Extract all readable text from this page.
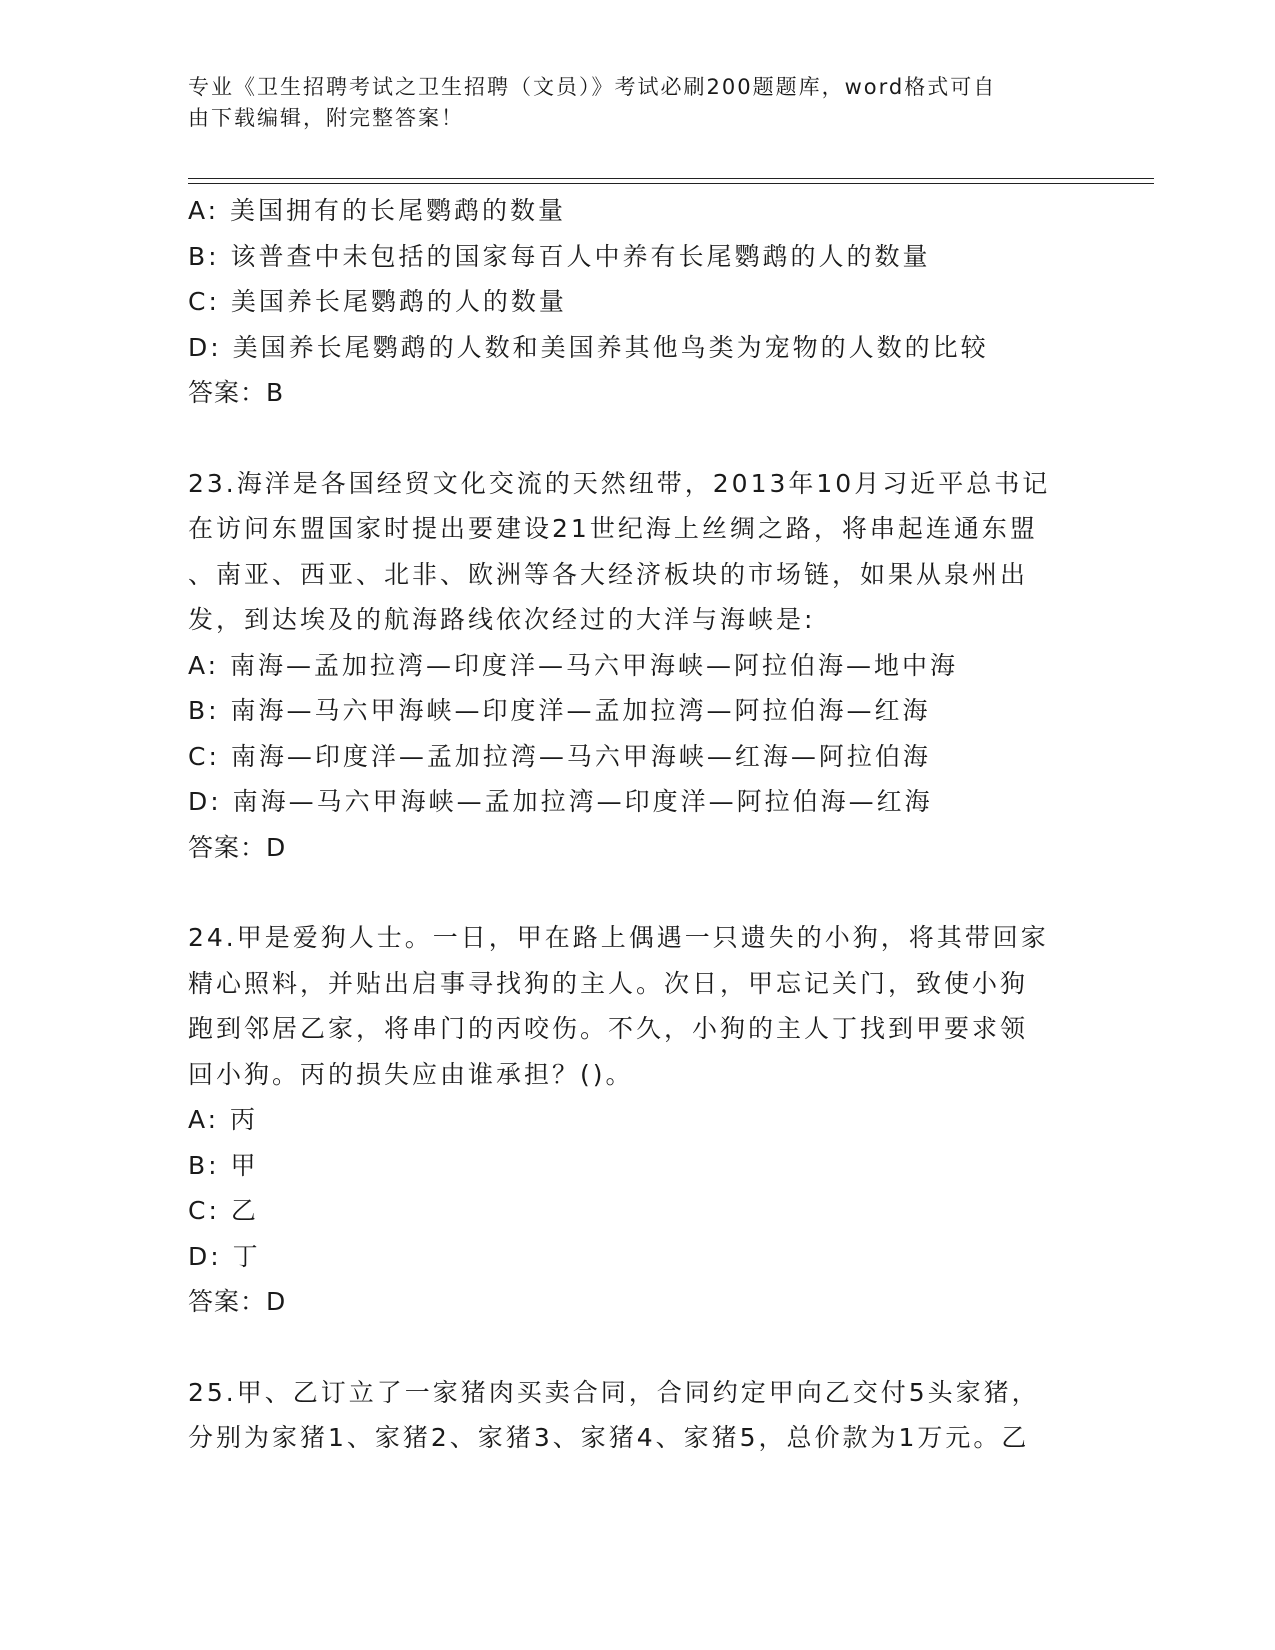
专业《卫生招聘考试之卫生招聘（文员）》考试必刷200题题库，word格式可自
由下载编辑，附完整答案！
A: 美国拥有的长尾鹦鹉的数量
B: 该普查中未包括的国家每百人中养有长尾鹦鹉的人的数量
C: 美国养长尾鹦鹉的人的数量
D: 美国养长尾鹦鹉的人数和美国养其他鸟类为宠物的人数的比较
答案：B
23.海洋是各国经贸文化交流的天然纽带，2013年10月习近平总书记
在访问东盟国家时提出要建设21世纪海上丝绸之路，将串起连通东盟
、南亚、西亚、北非、欧洲等各大经济板块的市场链，如果从泉州出
发，到达埃及的航海路线依次经过的大洋与海峡是:
A: 南海—孟加拉湾—印度洋—马六甲海峡—阿拉伯海—地中海
B: 南海—马六甲海峡—印度洋—孟加拉湾—阿拉伯海—红海
C: 南海—印度洋—孟加拉湾—马六甲海峡—红海—阿拉伯海
D: 南海—马六甲海峡—孟加拉湾—印度洋—阿拉伯海—红海
答案：D
24.甲是爱狗人士。一日，甲在路上偶遇一只遗失的小狗，将其带回家
精心照料，并贴出启事寻找狗的主人。次日，甲忘记关门，致使小狗
跑到邻居乙家，将串门的丙咬伤。不久，小狗的主人丁找到甲要求领
回小狗。丙的损失应由谁承担？()。
A: 丙
B: 甲
C: 乙
D: 丁
答案：D
25.甲、乙订立了一家猪肉买卖合同，合同约定甲向乙交付5头家猪，
分别为家猪1、家猪2、家猪3、家猪4、家猪5，总价款为1万元。乙
